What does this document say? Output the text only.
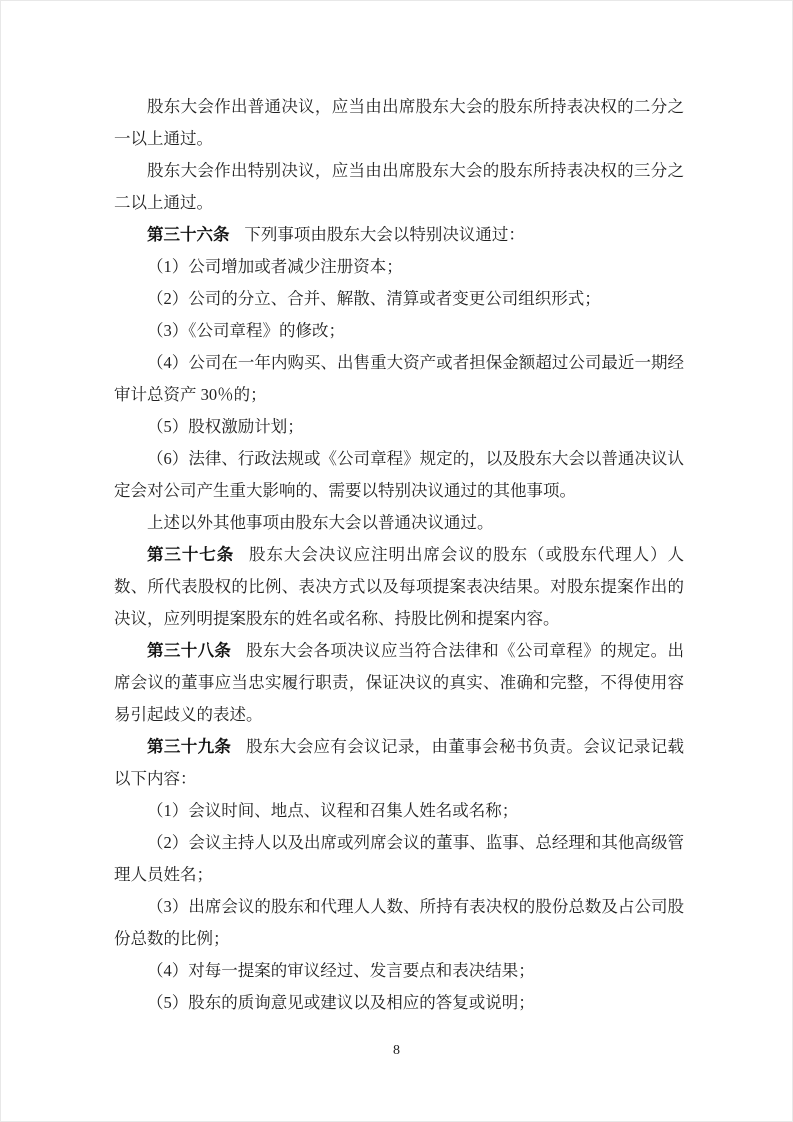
股东大会作出普通决议，应当由出席股东大会的股东所持表决权的二分之一以上通过。

股东大会作出特别决议，应当由出席股东大会的股东所持表决权的三分之二以上通过。

第三十六条 下列事项由股东大会以特别决议通过：

（1）公司增加或者减少注册资本；

（2）公司的分立、合并、解散、清算或者变更公司组织形式；

（3）《公司章程》的修改；

（4）公司在一年内购买、出售重大资产或者担保金额超过公司最近一期经审计总资产 30％的；

（5）股权激励计划；

（6）法律、行政法规或《公司章程》规定的，以及股东大会以普通决议认定会对公司产生重大影响的、需要以特别决议通过的其他事项。

上述以外其他事项由股东大会以普通决议通过。

第三十七条 股东大会决议应注明出席会议的股东（或股东代理人）人数、所代表股权的比例、表决方式以及每项提案表决结果。对股东提案作出的决议，应列明提案股东的姓名或名称、持股比例和提案内容。

第三十八条 股东大会各项决议应当符合法律和《公司章程》的规定。出席会议的董事应当忠实履行职责，保证决议的真实、准确和完整，不得使用容易引起歧义的表述。

第三十九条 股东大会应有会议记录，由董事会秘书负责。会议记录记载以下内容：

（1）会议时间、地点、议程和召集人姓名或名称；

（2）会议主持人以及出席或列席会议的董事、监事、总经理和其他高级管理人员姓名；

（3）出席会议的股东和代理人人数、所持有表决权的股份总数及占公司股份总数的比例；

（4）对每一提案的审议经过、发言要点和表决结果；

（5）股东的质询意见或建议以及相应的答复或说明；

8
